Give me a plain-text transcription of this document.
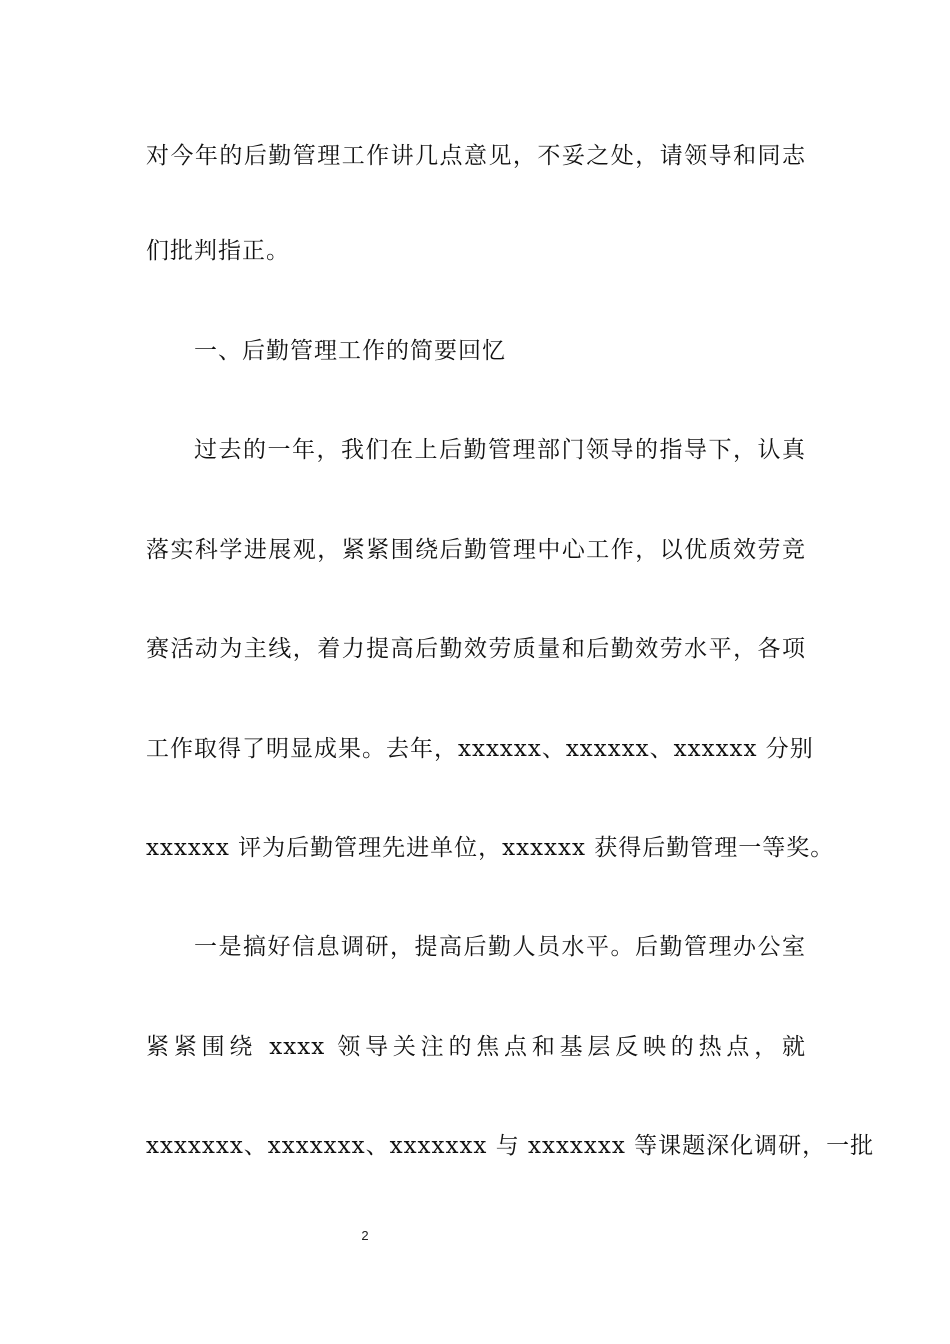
对今年的后勤管理工作讲几点意见，不妥之处，请领导和同志
们批判指正。
一、后勤管理工作的简要回忆
过去的一年，我们在上后勤管理部门领导的指导下，认真
落实科学进展观，紧紧围绕后勤管理中心工作，以优质效劳竞
赛活动为主线，着力提高后勤效劳质量和后勤效劳水平，各项
工作取得了明显成果。去年，xxxxxx、xxxxxx、xxxxxx 分别
xxxxxx 评为后勤管理先进单位，xxxxxx 获得后勤管理一等奖。
一是搞好信息调研，提高后勤人员水平。后勤管理办公室
紧紧围绕 xxxx 领导关注的焦点和基层反映的热点，就
xxxxxxx、xxxxxxx、xxxxxxx 与 xxxxxxx 等课题深化调研，一批
2
